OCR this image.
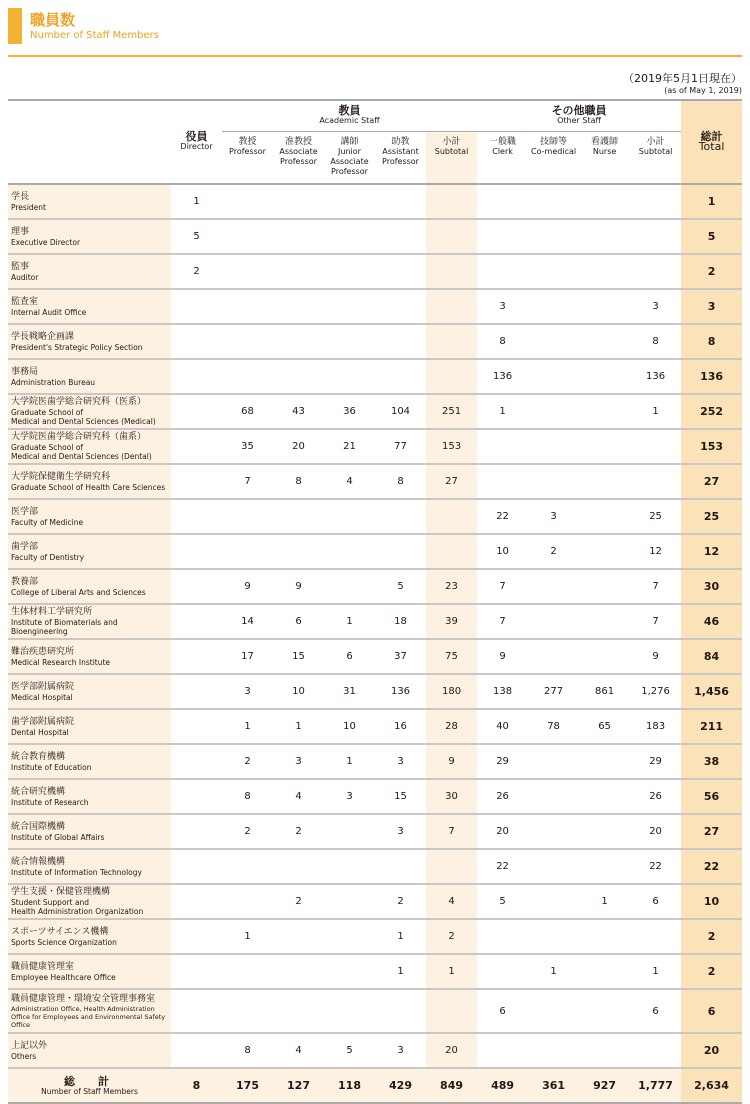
職員数
Number of Staff Members
（2019年5月1日現在）
(as of May 1, 2019)

	役員
Director	教員
Academic Staff					その他職員
Other Staff				総計
Total

		教授
Professor	准教授
Associate
Professor	講師
Junior
Associate
Professor	助教
Assistant
Professor	小計
Subtotal	一般職
Clerk	技師等
Co-medical	看護師
Nurse	小計
Subtotal	

学長
President	1										1

理事
Executive Director	5										5

監事
Auditor	2										2

監査室
Internal Audit Office							3			3	3

学長戦略企画課
President's Strategic Policy Section							8			8	8

事務局
Administration Bureau							136			136	136

大学院医歯学総合研究科（医系）
Graduate School of
Medical and Dental Sciences (Medical)		68	43	36	104	251	1			1	252

大学院医歯学総合研究科（歯系）
Graduate School of
Medical and Dental Sciences (Dental)		35	20	21	77	153					153

大学院保健衛生学研究科
Graduate School of Health Care Sciences		7	8	4	8	27					27

医学部
Faculty of Medicine							22	3		25	25

歯学部
Faculty of Dentistry							10	2		12	12

教養部
College of Liberal Arts and Sciences		9	9		5	23	7			7	30

生体材料工学研究所
Institute of Biomaterials and
Bioengineering		14	6	1	18	39	7			7	46

難治疾患研究所
Medical Research Institute		17	15	6	37	75	9			9	84

医学部附属病院
Medical Hospital		3	10	31	136	180	138	277	861	1,276	1,456

歯学部附属病院
Dental Hospital		1	1	10	16	28	40	78	65	183	211

統合教育機構
Institute of Education		2	3	1	3	9	29			29	38

統合研究機構
Institute of Research		8	4	3	15	30	26			26	56

統合国際機構
Institute of Global Affairs		2	2		3	7	20			20	27

統合情報機構
Institute of Information Technology							22			22	22

学生支援・保健管理機構
Student Support and
Health Administration Organization			2		2	4	5		1	6	10

スポーツサイエンス機構
Sports Science Organization		1			1	2					2

職員健康管理室
Employee Healthcare Office					1	1		1		1	2

職員健康管理・環境安全管理事務室
Administration Office, Health Administration
Office for Employees and Environmental Safety
Office							6			6	6

上記以外
Others		8	4	5	3	20					20

総　計
Number of Staff Members	8	175	127	118	429	849	489	361	927	1,777	2,634
